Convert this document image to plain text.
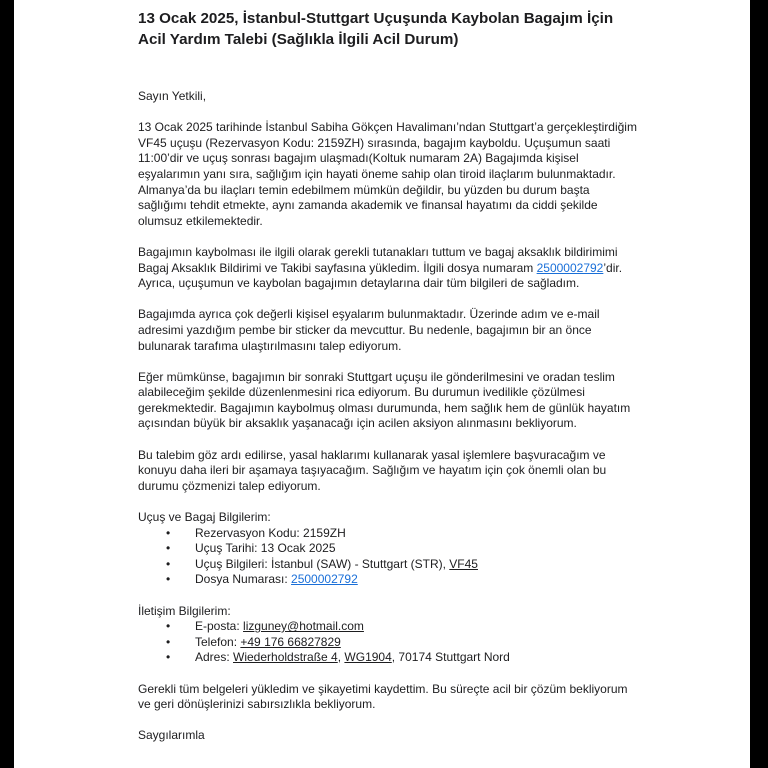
13 Ocak 2025, İstanbul-Stuttgart Uçuşunda Kaybolan Bagajım İçin Acil Yardım Talebi (Sağlıkla İlgili Acil Durum)

Sayın Yetkili,

13 Ocak 2025 tarihinde İstanbul Sabiha Gökçen Havalimanı’ndan Stuttgart’a gerçekleştirdiğim VF45 uçuşu (Rezervasyon Kodu: 2159ZH) sırasında, bagajım kayboldu. Uçuşumun saati 11:00’dir ve uçuş sonrası bagajım ulaşmadı(Koltuk numaram 2A) Bagajımda kişisel eşyalarımın yanı sıra, sağlığım için hayati öneme sahip olan tiroid ilaçlarım bulunmaktadır. Almanya’da bu ilaçları temin edebilmem mümkün değildir, bu yüzden bu durum başta sağlığımı tehdit etmekte, aynı zamanda akademik ve finansal hayatımı da ciddi şekilde olumsuz etkilemektedir.

Bagajımın kaybolması ile ilgili olarak gerekli tutanakları tuttum ve bagaj aksaklık bildirimimi Bagaj Aksaklık Bildirimi ve Takibi sayfasına yükledim. İlgili dosya numaram 2500002792’dir. Ayrıca, uçuşumun ve kaybolan bagajımın detaylarına dair tüm bilgileri de sağladım.

Bagajımda ayrıca çok değerli kişisel eşyalarım bulunmaktadır. Üzerinde adım ve e-mail adresimi yazdığım pembe bir sticker da mevcuttur. Bu nedenle, bagajımın bir an önce bulunarak tarafıma ulaştırılmasını talep ediyorum.

Eğer mümkünse, bagajımın bir sonraki Stuttgart uçuşu ile gönderilmesini ve oradan teslim alabileceğim şekilde düzenlenmesini rica ediyorum. Bu durumun ivedilikle çözülmesi gerekmektedir. Bagajımın kaybolmuş olması durumunda, hem sağlık hem de günlük hayatım açısından büyük bir aksaklık yaşanacağı için acilen aksiyon alınmasını bekliyorum.

Bu talebim göz ardı edilirse, yasal haklarımı kullanarak yasal işlemlere başvuracağım ve konuyu daha ileri bir aşamaya taşıyacağım. Sağlığım ve hayatım için çok önemli olan bu durumu çözmenizi talep ediyorum.

Uçuş ve Bagaj Bilgilerim:

• Rezervasyon Kodu: 2159ZH
• Uçuş Tarihi: 13 Ocak 2025
• Uçuş Bilgileri: İstanbul (SAW) - Stuttgart (STR), VF45
• Dosya Numarası: 2500002792

İletişim Bilgilerim:

• E-posta: lizguney@hotmail.com
• Telefon: +49 176 66827829
• Adres: Wiederholdstraße 4, WG1904, 70174 Stuttgart Nord

Gerekli tüm belgeleri yükledim ve şikayetimi kaydettim. Bu süreçte acil bir çözüm bekliyorum ve geri dönüşlerinizi sabırsızlıkla bekliyorum.

Saygılarımla
